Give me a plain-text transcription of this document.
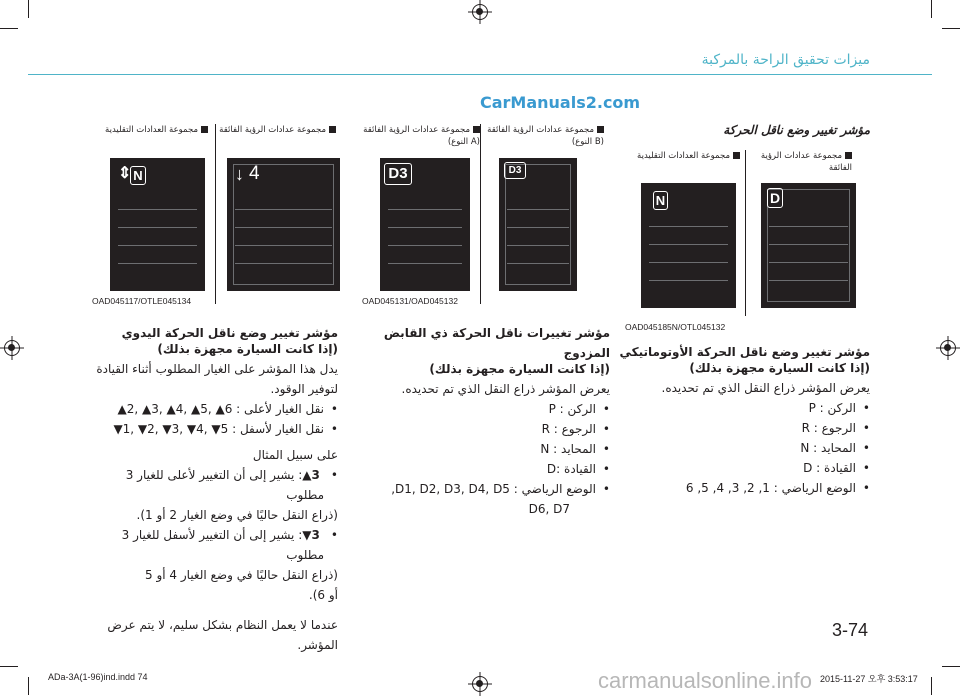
ميزات تحقيق الراحة بالمركبة
CarManuals2.com
مجموعة عدادات الرؤية الفائقة
مجموعة العدادات التقليدية
↓ 4
⇕ N
OAD045117/OTLE045134
مجموعة عدادات الرؤية الفائقة (B النوع)
مجموعة عدادات الرؤية الفائقة (A النوع)
D3
D3
OAD045131/OAD045132
مؤشر تغيير وضع ناقل الحركة
مجموعة عدادات الرؤية الفائقة
مجموعة العدادات التقليدية
D
N
OAD045185N/OTL045132
مؤشر تغيير وضع ناقل الحركة الأوتوماتيكي
(إذا كانت السيارة مجهزة بذلك)
يعرض المؤشر ذراع النقل الذي تم تحديده.
• الركن : P
• الرجوع : R
• المحايد : N
• القيادة : D
• الوضع الرياضي : 1, 2, 3, 4, 5, 6
مؤشر تغييرات ناقل الحركة ذي القابض المزدوج
(إذا كانت السيارة مجهزة بذلك)
يعرض المؤشر ذراع النقل الذي تم تحديده.
• الركن : P
• الرجوع : R
• المحايد : N
• القيادة :D
• الوضع الرياضي : D1, D2, D3, D4, D5,
D6, D7
مؤشر تغيير وضع ناقل الحركة اليدوي
(إذا كانت السيارة مجهزة بذلك)
يدل هذا المؤشر على الغيار المطلوب أثناء القيادة
لتوفير الوقود.
• نقل الغيار لأعلى : ▲2, ▲3, ▲4, ▲5, ▲6
• نقل الغيار لأسفل : ▼1, ▼2, ▼3, ▼4, ▼5
على سبيل المثال
• ▲3 : يشير إلى أن التغيير لأعلى للغيار 3 مطلوب
(ذراع النقل حاليًا في وضع الغيار 2 أو 1).
• ▼3 : يشير إلى أن التغيير لأسفل للغيار 3 مطلوب
(ذراع النقل حاليًا في وضع الغيار 4 أو 5
أو 6).
عندما لا يعمل النظام بشكل سليم، لا يتم عرض
المؤشر.
3-74
ADa-3A(1-96)ind.indd 74	carmanualsonline.info 2015-11-27 오후 3:53:17
